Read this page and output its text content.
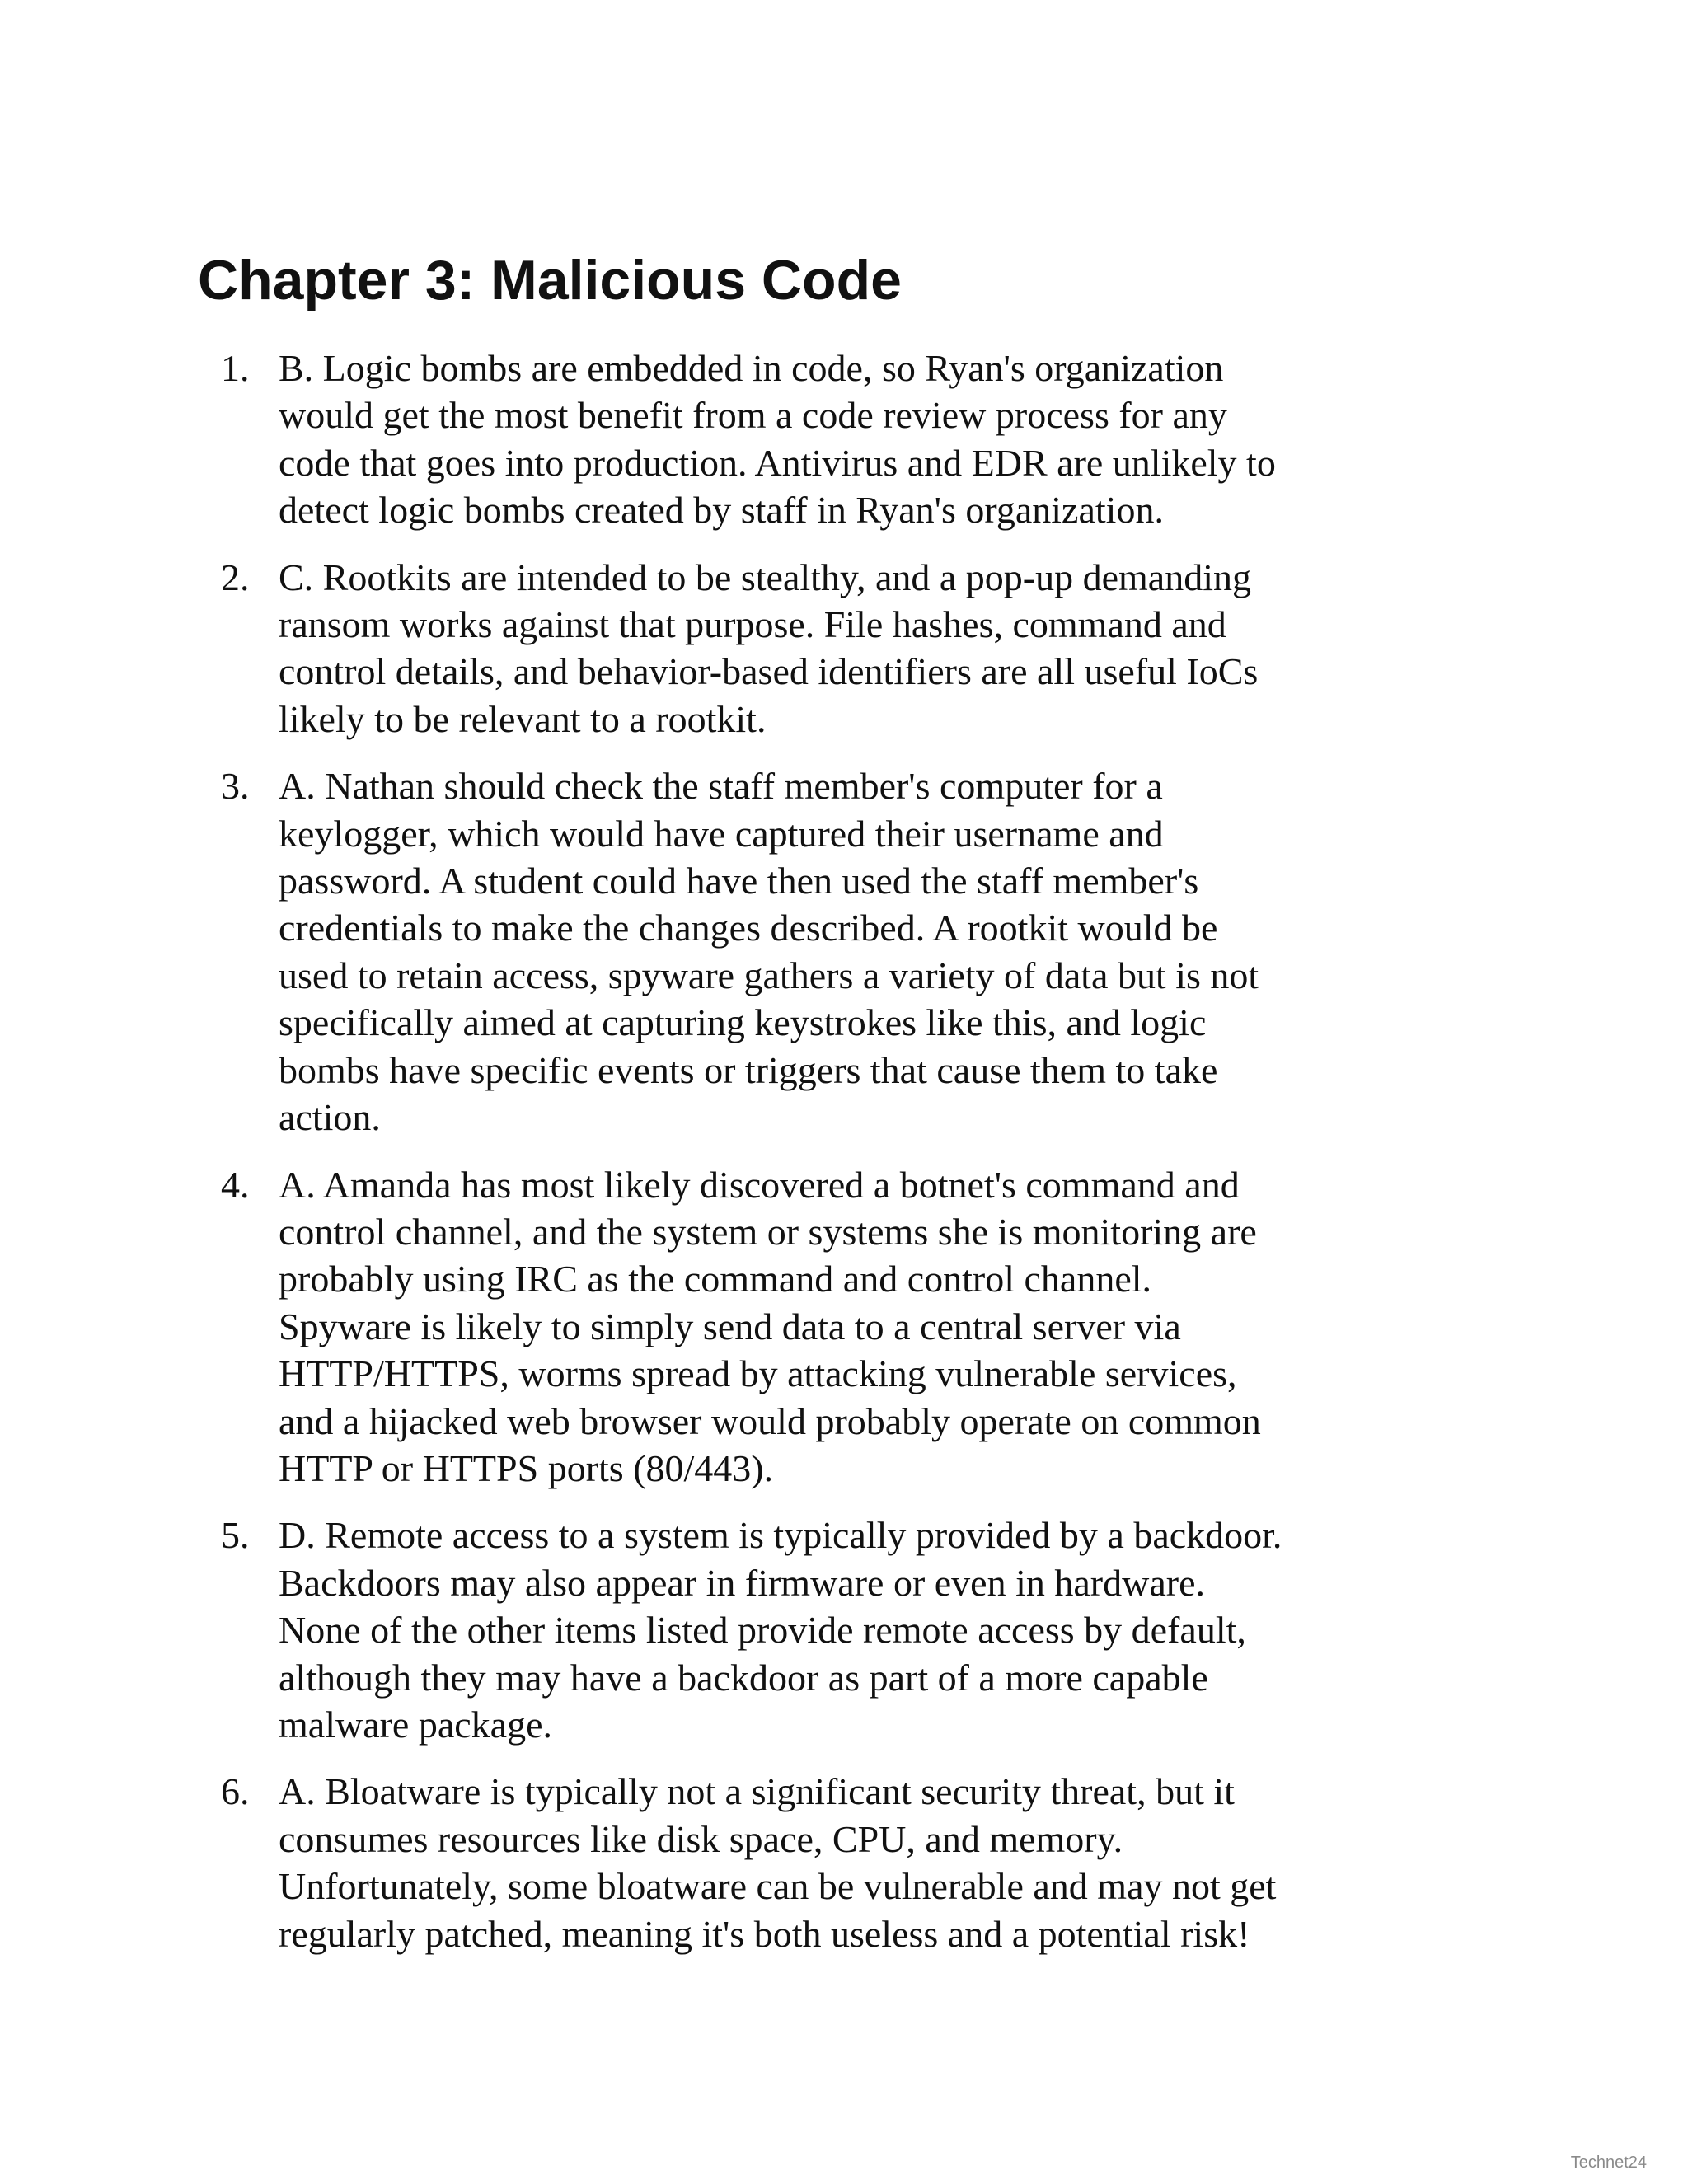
Chapter 3: Malicious Code
1. B. Logic bombs are embedded in code, so Ryan's organization
would get the most benefit from a code review process for any
code that goes into production. Antivirus and EDR are unlikely to
detect logic bombs created by staff in Ryan's organization.
2. C. Rootkits are intended to be stealthy, and a pop-up demanding
ransom works against that purpose. File hashes, command and
control details, and behavior-based identifiers are all useful IoCs
likely to be relevant to a rootkit.
3. A. Nathan should check the staff member's computer for a
keylogger, which would have captured their username and
password. A student could have then used the staff member's
credentials to make the changes described. A rootkit would be
used to retain access, spyware gathers a variety of data but is not
specifically aimed at capturing keystrokes like this, and logic
bombs have specific events or triggers that cause them to take
action.
4. A. Amanda has most likely discovered a botnet's command and
control channel, and the system or systems she is monitoring are
probably using IRC as the command and control channel.
Spyware is likely to simply send data to a central server via
HTTP/HTTPS, worms spread by attacking vulnerable services,
and a hijacked web browser would probably operate on common
HTTP or HTTPS ports (80/443).
5. D. Remote access to a system is typically provided by a backdoor.
Backdoors may also appear in firmware or even in hardware.
None of the other items listed provide remote access by default,
although they may have a backdoor as part of a more capable
malware package.
6. A. Bloatware is typically not a significant security threat, but it
consumes resources like disk space, CPU, and memory.
Unfortunately, some bloatware can be vulnerable and may not get
regularly patched, meaning it's both useless and a potential risk!
Technet24
